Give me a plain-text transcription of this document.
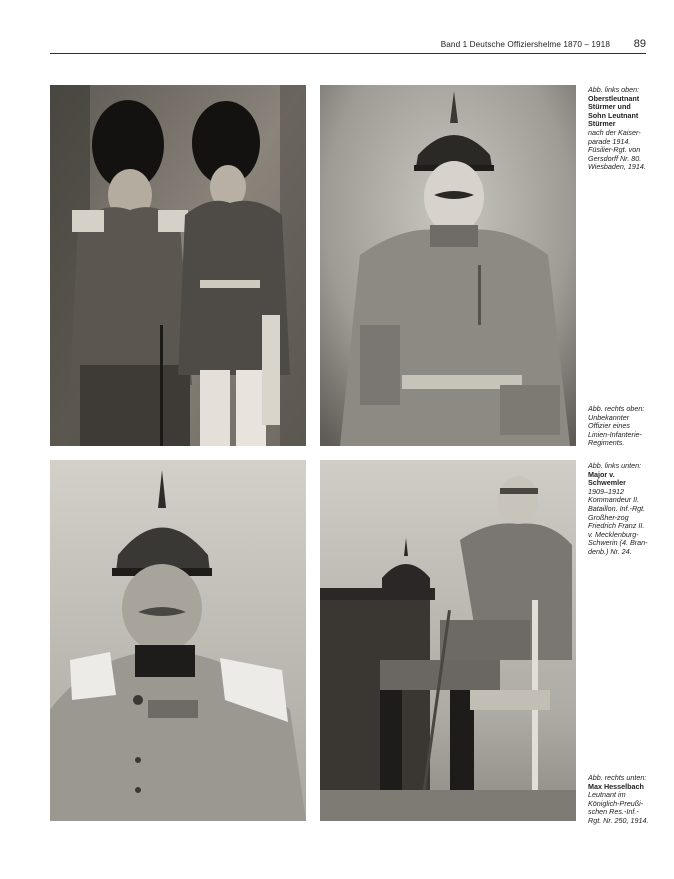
Band 1 Deutsche Offiziershelme 1870 – 1918 89
Abb. links oben:
Oberstleutnant Stürmer und Sohn Leutnant Stürmer
nach der Kaiser-parade 1914. Füsilier-Rgt. von Gersdorff Nr. 80. Wiesbaden, 1914.
Abb. rechts oben:
Unbekannter Offizier eines Linien-Infanterie-Regiments.
Abb. links unten:
Major v. Schwemler
1909–1912 Kommandeur II. Bataillon. Inf.-Rgt. Großher-zog Friedrich Franz II. v. Mecklenburg-Schwerin (4. Bran-denb.) Nr. 24.
Abb. rechts unten:
Max Hesselbach
Leutnant im Königlich-Preußi-schen Res.-Inf.-Rgt. Nr. 250, 1914.
